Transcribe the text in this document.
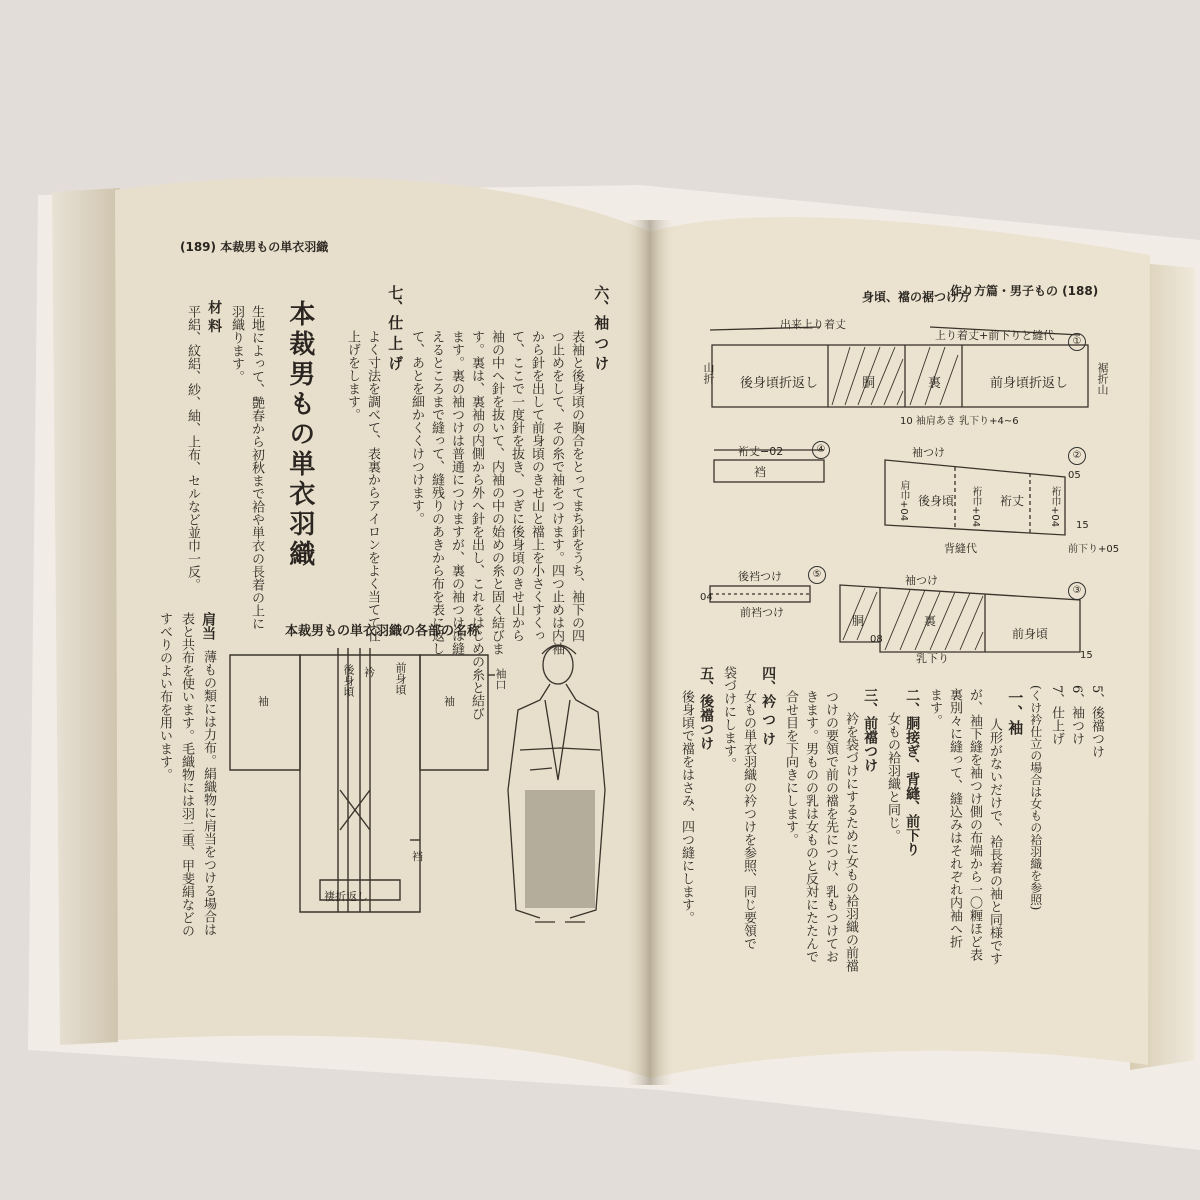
(189) 本裁男もの単衣羽織
六、袖 つ け
表袖と後身頃の胸合をとってまち針をうち、袖下の四
つ止めをして、その糸で袖をつけます。四つ止めは内袖
から針を出して前身頃のきせ山と襠上を小さくすくっ
て、ここで一度針を抜き、つぎに後身頃のきせ山から
袖の中へ針を抜いて、内袖の中の始めの糸と固く結びま
す。裏は、裏袖の内側から外へ針を出し、これをはじめの糸と結び
ます。裏の袖つけは普通につけますが、裏の袖つけは縫
えるところまで縫って、縫残りのあきから布を表に返し
て、あとを細かくくけつけます。
七、仕 上 げ
よく寸法を調べて、表裏からアイロンをよく当てて仕
上げをします。
本裁男もの単衣羽織
生地によって、艶春から初秋まで袷や単衣の長着の上に
羽織ります。
材 料
平絽、紋絽、紗、紬、上布、セルなど並巾一反。
本裁男もの単衣羽織の各部の名称
袖	袖
袖口
衿
後身頃	前身頃
裆
褄折返し
肩当
薄もの類には力布。絹織物に肩当をつける場合は
表と共布を使います。毛織物には羽二重、甲斐絹などの
すべりのよい布を用います。
作り方篇・男子もの (188)
身頃、襠の裾つけ方
出来上り着丈
上り着丈+前下りと縫代	①
後身頃折返し	胴	裏	前身頃折返し
山折	裾折山
10 袖肩あき 乳下り+4~6
裄丈−02	④
裆
袖つけ	②
肩巾+04 後身頃 裄巾+04 裄丈 裄巾+04
05
15
前下り+05
背縫代
後裆つけ	⑤
前裆つけ
04
袖つけ
③
胴	裏
前身頃
08
15
乳下り
5、後襠つけ
6、袖つけ
7、仕上げ
(くけ衿仕立の場合は女もの袷羽織を参照)
一、袖
人形がないだけで、袷長着の袖と同様です
が、袖下縫を袖つけ側の布端から一〇糎ほど表
裏別々に縫って、縫込みはそれぞれ内袖へ折
ます。
二、胴接ぎ、背縫、前下り
女もの袷羽織と同じ。
三、前襠つけ
衿を袋づけにするために女もの袷羽織の前襠
つけの要領で前の襠を先につけ、乳もつけてお
きます。男ものの乳は女ものと反対にたたんで
合せ目を下向きにします。
四、衿 つ け
女もの単衣羽織の衿つけを参照、同じ要領で
袋づけにします。
五、後襠つけ
後身頃で襠をはさみ、四つ縫にします。
